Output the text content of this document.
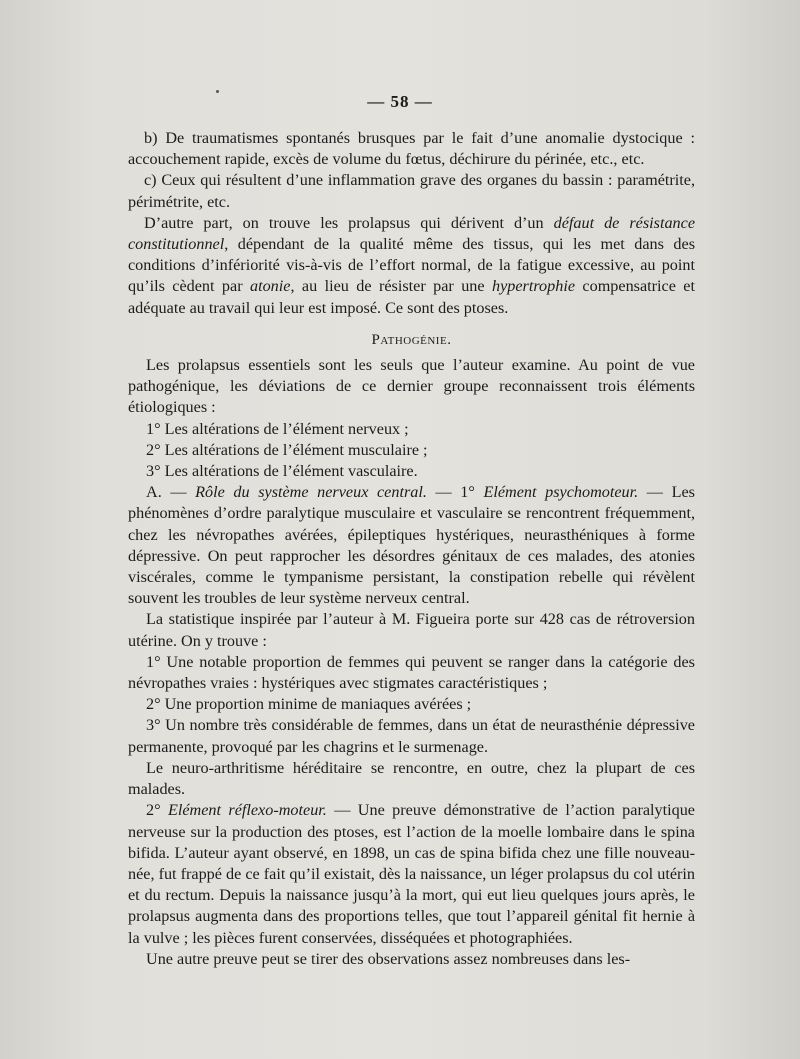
— 58 —

b) De traumatismes spontanés brusques par le fait d’une anomalie dystocique : accouchement rapide, excès de volume du fœtus, déchirure du périnée, etc., etc.

c) Ceux qui résultent d’une inflammation grave des organes du bassin : paramétrite, périmétrite, etc.

D’autre part, on trouve les prolapsus qui dérivent d’un défaut de résistance constitutionnel, dépendant de la qualité même des tissus, qui les met dans des conditions d’infériorité vis-à-vis de l’effort normal, de la fatigue excessive, au point qu’ils cèdent par atonie, au lieu de résister par une hypertrophie compensatrice et adéquate au travail qui leur est imposé. Ce sont des ptoses.

Pathogénie.

Les prolapsus essentiels sont les seuls que l’auteur examine. Au point de vue pathogénique, les déviations de ce dernier groupe reconnaissent trois éléments étiologiques :

1° Les altérations de l’élément nerveux ;

2° Les altérations de l’élément musculaire ;

3° Les altérations de l’élément vasculaire.

A. — Rôle du système nerveux central. — 1° Elément psychomoteur. — Les phénomènes d’ordre paralytique musculaire et vasculaire se rencontrent fréquemment, chez les névropathes avérées, épileptiques hystériques, neurasthéniques à forme dépressive. On peut rapprocher les désordres génitaux de ces malades, des atonies viscérales, comme le tympanisme persistant, la constipation rebelle qui révèlent souvent les troubles de leur système nerveux central.

La statistique inspirée par l’auteur à M. Figueira porte sur 428 cas de rétroversion utérine. On y trouve :

1° Une notable proportion de femmes qui peuvent se ranger dans la catégorie des névropathes vraies : hystériques avec stigmates caractéristiques ;

2° Une proportion minime de maniaques avérées ;

3° Un nombre très considérable de femmes, dans un état de neurasthénie dépressive permanente, provoqué par les chagrins et le surmenage.

Le neuro-arthritisme héréditaire se rencontre, en outre, chez la plupart de ces malades.

2° Elément réflexo-moteur. — Une preuve démonstrative de l’action paralytique nerveuse sur la production des ptoses, est l’action de la moelle lombaire dans le spina bifida. L’auteur ayant observé, en 1898, un cas de spina bifida chez une fille nouveau-née, fut frappé de ce fait qu’il existait, dès la naissance, un léger prolapsus du col utérin et du rectum. Depuis la naissance jusqu’à la mort, qui eut lieu quelques jours après, le prolapsus augmenta dans des proportions telles, que tout l’appareil génital fit hernie à la vulve ; les pièces furent conservées, disséquées et photographiées.

Une autre preuve peut se tirer des observations assez nombreuses dans les-
